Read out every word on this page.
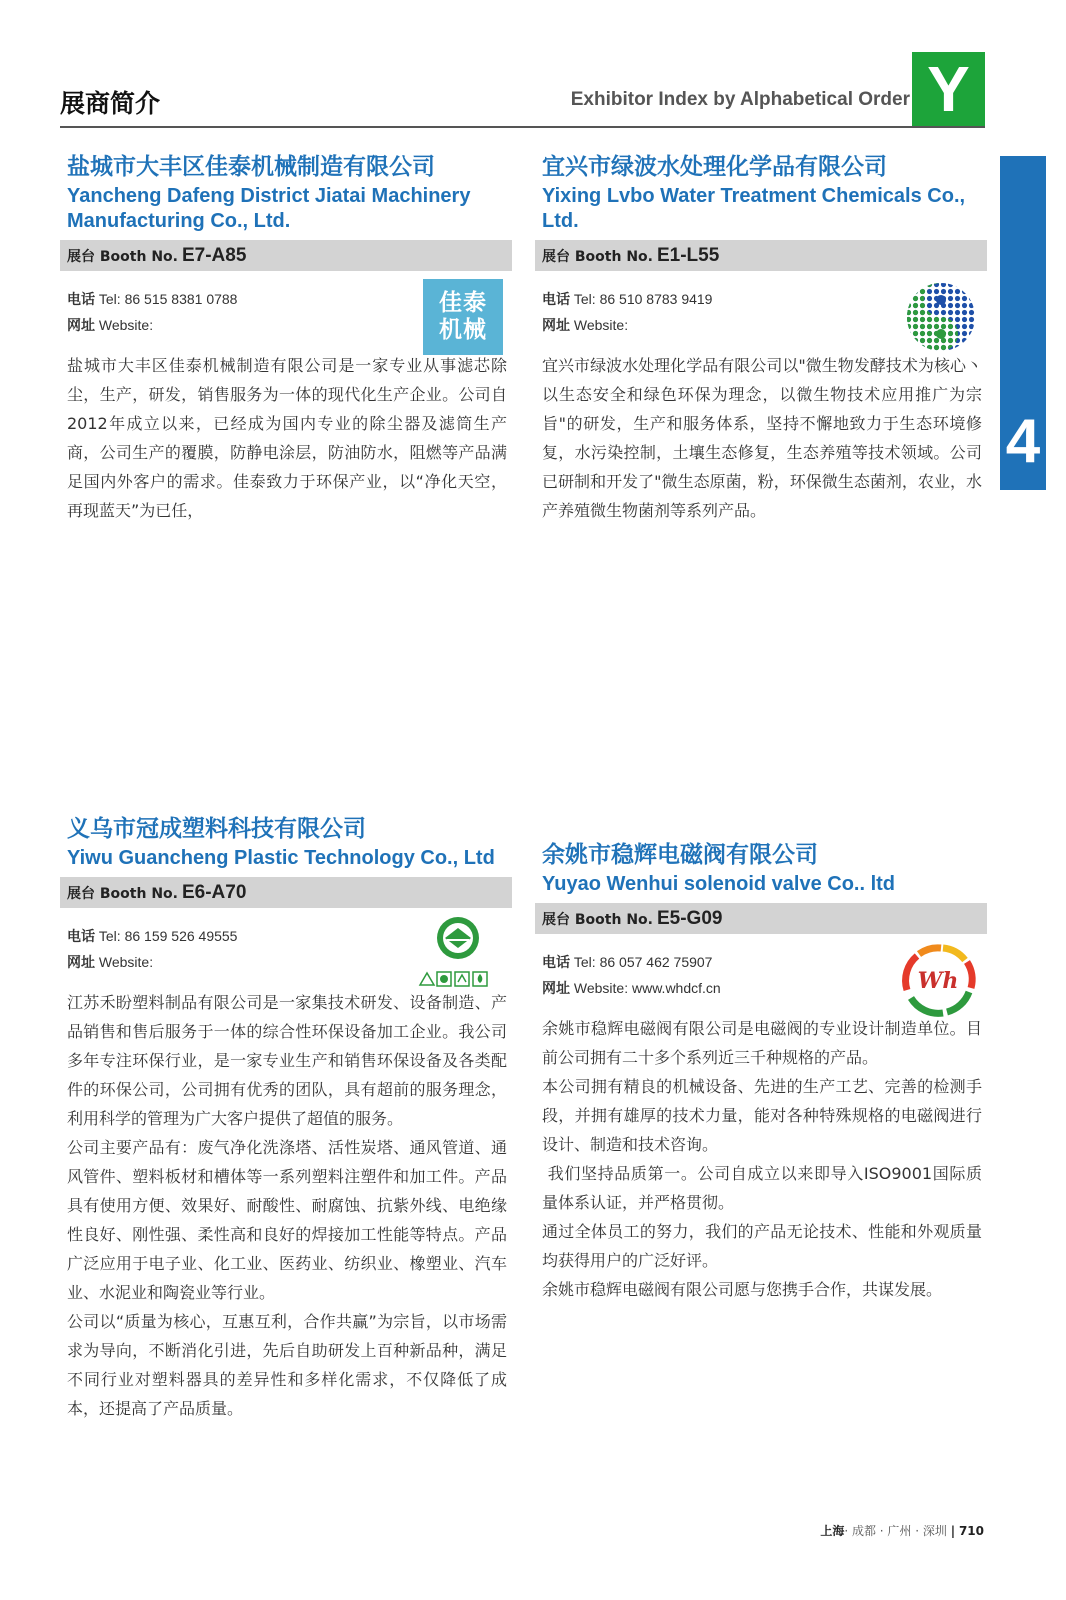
展商简介	Exhibitor Index by Alphabetical Order Y
4
盐城市大丰区佳泰机械制造有限公司
Yancheng Dafeng District Jiatai Machinery Manufacturing Co., Ltd.
展台 Booth No. E7-A85
电话 Tel: 86 515 8381 0788
网址 Website:
佳泰机械

盐城市大丰区佳泰机械制造有限公司是一家专业从事滤芯除尘，生产，研发，销售服务为一体的现代化生产企业。公司自2012年成立以来，已经成为国内专业的除尘器及滤筒生产商，公司生产的覆膜，防静电涂层，防油防水，阻燃等产品满足国内外客户的需求。佳泰致力于环保产业，以“净化天空，再现蓝天”为已任，

宜兴市绿波水处理化学品有限公司
Yixing Lvbo Water Treatment Chemicals Co., Ltd.
展台 Booth No. E1-L55
电话 Tel: 86 510 8783 9419
网址 Website:

宜兴市绿波水处理化学品有限公司以"微生物发酵技术为核心丶以生态安全和绿色环保为理念，以微生物技术应用推广为宗旨"的研发，生产和服务体系，坚持不懈地致力于生态环境修复，水污染控制，土壤生态修复，生态养殖等技术领域。公司已研制和开发了"微生态原菌，粉，环保微生态菌剂，农业，水产养殖微生物菌剂等系列产品。

义乌市冠成塑料科技有限公司
Yiwu Guancheng Plastic Technology Co., Ltd
展台 Booth No. E6-A70
电话 Tel: 86 159 526 49555
网址 Website:

江苏禾盼塑料制品有限公司是一家集技术研发、设备制造、产品销售和售后服务于一体的综合性环保设备加工企业。我公司多年专注环保行业，是一家专业生产和销售环保设备及各类配件的环保公司，公司拥有优秀的团队，具有超前的服务理念，利用科学的管理为广大客户提供了超值的服务。

公司主要产品有：废气净化洗涤塔、活性炭塔、通风管道、通风管件、塑料板材和槽体等一系列塑料注塑件和加工件。产品具有使用方便、效果好、耐酸性、耐腐蚀、抗紫外线、电绝缘性良好、刚性强、柔性高和良好的焊接加工性能等特点。产品广泛应用于电子业、化工业、医药业、纺织业、橡塑业、汽车业、水泥业和陶瓷业等行业。

公司以“质量为核心，互惠互利，合作共赢”为宗旨，以市场需求为导向，不断消化引进，先后自助研发上百种新品种，满足不同行业对塑料器具的差异性和多样化需求，不仅降低了成本，还提高了产品质量。

余姚市稳辉电磁阀有限公司
Yuyao Wenhui solenoid valve Co.. ltd
展台 Booth No. E5-G09
电话 Tel: 86 057 462 75907
网址 Website: www.whdcf.cn	Wh

余姚市稳辉电磁阀有限公司是电磁阀的专业设计制造单位。目前公司拥有二十多个系列近三千种规格的产品。

本公司拥有精良的机械设备、先进的生产工艺、完善的检测手段，并拥有雄厚的技术力量，能对各种特殊规格的电磁阀进行设计、制造和技术咨询。

我们坚持品质第一。公司自成立以来即导入ISO9001国际质量体系认证，并严格贯彻。

通过全体员工的努力，我们的产品无论技术、性能和外观质量均获得用户的广泛好评。

余姚市稳辉电磁阀有限公司愿与您携手合作，共谋发展。

上海· 成都 · 广州 · 深圳 | 710
